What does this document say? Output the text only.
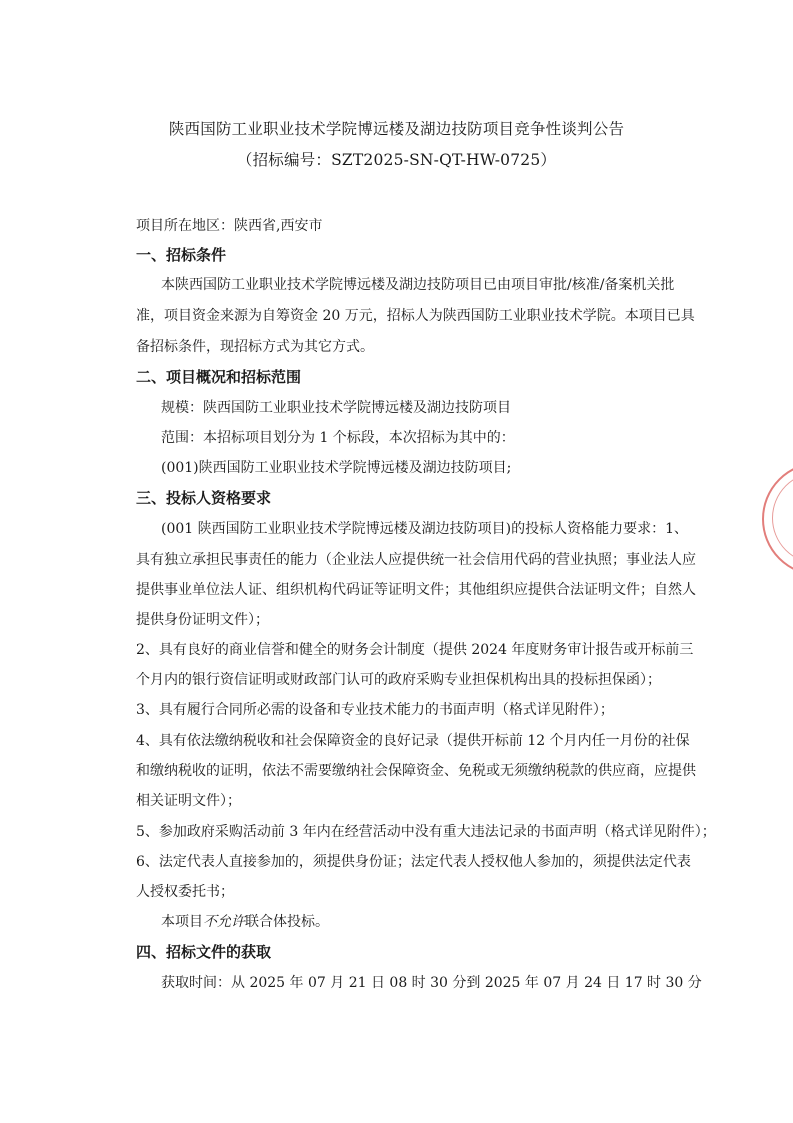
陕西国防工业职业技术学院博远楼及湖边技防项目竞争性谈判公告
（招标编号：SZT2025-SN-QT-HW-0725）
项目所在地区：陕西省,西安市
一、招标条件
本陕西国防工业职业技术学院博远楼及湖边技防项目已由项目审批/核准/备案机关批
准，项目资金来源为自筹资金 20 万元，招标人为陕西国防工业职业技术学院。本项目已具
备招标条件，现招标方式为其它方式。
二、项目概况和招标范围
规模：陕西国防工业职业技术学院博远楼及湖边技防项目
范围：本招标项目划分为 1 个标段，本次招标为其中的：
(001)陕西国防工业职业技术学院博远楼及湖边技防项目;
三、投标人资格要求
(001 陕西国防工业职业技术学院博远楼及湖边技防项目)的投标人资格能力要求：1、
具有独立承担民事责任的能力（企业法人应提供统一社会信用代码的营业执照；事业法人应
提供事业单位法人证、组织机构代码证等证明文件；其他组织应提供合法证明文件；自然人
提供身份证明文件）；
2、具有良好的商业信誉和健全的财务会计制度（提供 2024 年度财务审计报告或开标前三
个月内的银行资信证明或财政部门认可的政府采购专业担保机构出具的投标担保函）；
3、具有履行合同所必需的设备和专业技术能力的书面声明（格式详见附件）；
4、具有依法缴纳税收和社会保障资金的良好记录（提供开标前 12 个月内任一月份的社保
和缴纳税收的证明，依法不需要缴纳社会保障资金、免税或无须缴纳税款的供应商，应提供
相关证明文件）；
5、参加政府采购活动前 3 年内在经营活动中没有重大违法记录的书面声明（格式详见附件）；
6、法定代表人直接参加的，须提供身份证；法定代表人授权他人参加的，须提供法定代表
人授权委托书；
本项目不允许联合体投标。
四、招标文件的获取
获取时间：从 2025 年 07 月 21 日 08 时 30 分到 2025 年 07 月 24 日 17 时 30 分
